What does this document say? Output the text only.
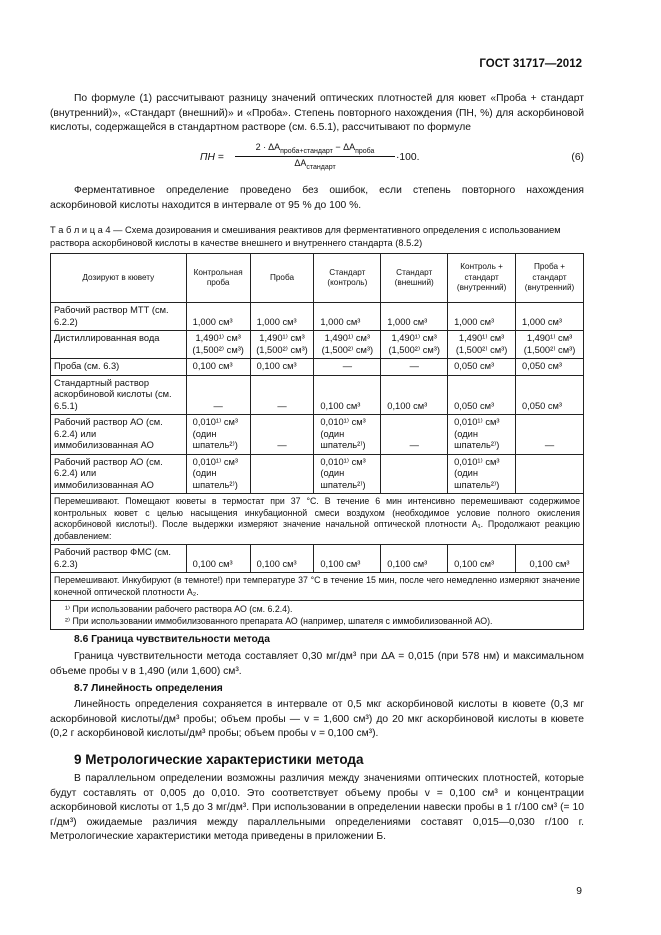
ГОСТ 31717—2012

По формуле (1) рассчитывают разницу значений оптических плотностей для кювет «Проба + стандарт (внутренний)», «Стандарт (внешний)» и «Проба». Степень повторного нахождения (ПН, %) для аскорбиновой кислоты, содержащейся в стандартном растворе (см. 6.5.1), рассчитывают по формуле

ПН =
$2 \cdot \Delta A_{проба+стандарт} - \Delta A_{проба}$
$\Delta A_{стандарт}$
·100.	(6)

Ферментативное определение проведено без ошибок, если степень повторного нахождения аскорбиновой кислоты находится в интервале от 95 % до 100 %.

Т а б л и ц а 4 — Схема дозирования и смешивания реактивов для ферментативного определения с использованием раствора аскорбиновой кислоты в качестве внешнего и внутреннего стандарта (8.5.2)
Дозируют в кювету	Контрольная проба	Проба	Стандарт (контроль)	Стандарт (внешний)	Контроль + стандарт (внутренний)	Проба + стандарт (внутренний)
Рабочий раствор МТТ (см. 6.2.2)	1,000 см³	1,000 см³	1,000 см³	1,000 см³	1,000 см³	1,000 см³
Дистиллированная вода	1,490¹⁾ см³ (1,500²⁾ см³)	1,490¹⁾ см³ (1,500²⁾ см³)	1,490¹⁾ см³ (1,500²⁾ см³)	1,490¹⁾ см³ (1,500²⁾ см³)	1,490¹⁾ см³ (1,500²⁾ см³)	1,490¹⁾ см³ (1,500²⁾ см³)
Проба (см. 6.3)	0,100 см³	0,100 см³	—	—	0,050 см³	0,050 см³
Стандартный раствор аскорбиновой кислоты (см. 6.5.1)	—	—	0,100 см³	0,100 см³	0,050 см³	0,050 см³
Рабочий раствор АО (см. 6.2.4) или иммобилизованная АО	0,010¹⁾ см³ (один шпатель²⁾)	—	0,010¹⁾ см³ (один шпатель²⁾)	—	0,010¹⁾ см³ (один шпатель²⁾)	—
Рабочий раствор АО (см. 6.2.4) или иммобилизованная АО	0,010¹⁾ см³ (один шпатель²⁾)		0,010¹⁾ см³ (один шпатель²⁾)		0,010¹⁾ см³ (один шпатель²⁾)	
Перемешивают. Помещают кюветы в термостат при 37 °С. В течение 6 мин интенсивно перемешивают содержимое контрольных кювет с целью насыщения инкубационной смеси воздухом (необходимое условие полного окисления аскорбиновой кислоты!). После выдержки измеряют значение начальной оптической плотности A₁. Продолжают реакцию добавлением:						
Рабочий раствор ФМС (см. 6.2.3)	0,100 см³	0,100 см³	0,100 см³	0,100 см³	0,100 см³	0,100 см³
Перемешивают. Инкубируют (в темноте!) при температуре 37 °С в течение 15 мин, после чего немедленно измеряют значение конечной оптической плотности A₂.						

¹⁾ При использовании рабочего раствора АО (см. 6.2.4).
²⁾ При использовании иммобилизованного препарата АО (например, шпателя с иммобилизованной АО).						
8.6 Граница чувствительности метода

Граница чувствительности метода составляет 0,30 мг/дм³ при ΔA = 0,015 (при 578 нм) и максимальном объеме пробы v в 1,490 (или 1,600) см³.

8.7 Линейность определения

Линейность определения сохраняется в интервале от 0,5 мкг аскорбиновой кислоты в кювете (0,3 мг аскорбиновой кислоты/дм³ пробы; объем пробы — v = 1,600 см³) до 20 мкг аскорбиновой кислоты в кювете (0,2 г аскорбиновой кислоты/дм³ пробы; объем пробы v = 0,100 см³).

9 Метрологические характеристики метода

В параллельном определении возможны различия между значениями оптических плотностей, которые будут составлять от 0,005 до 0,010. Это соответствует объему пробы v = 0,100 см³ и концентрации аскорбиновой кислоты от 1,5 до 3 мг/дм³. При использовании в определении навески пробы в 1 г/100 см³ (= 10 г/дм³) ожидаемые различия между параллельными определениями составят 0,015—0,030 г/100 г. Метрологические характеристики метода приведены в приложении Б.

9
